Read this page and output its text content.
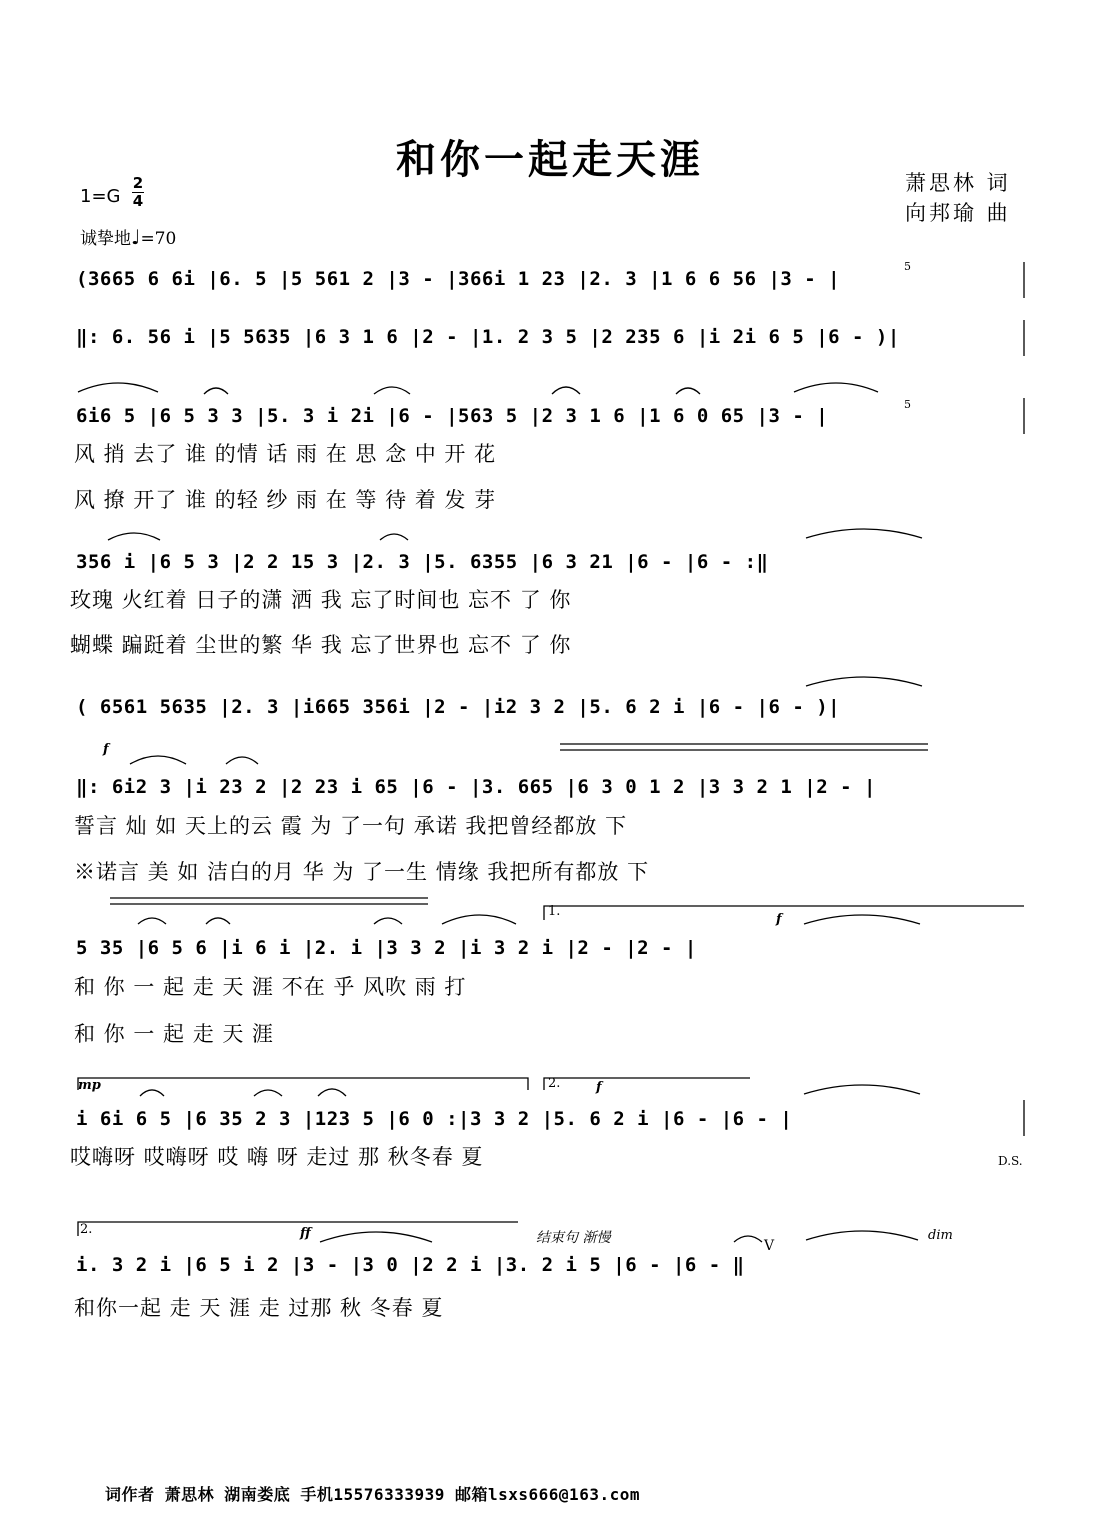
和你一起走天涯	萧思林 词
向邦瑜 曲
1=G
2
4
诚挚地♩=70
(3665 6 6i |6. 5 |5 561 2 |3 - |366i 1 23 |2. 3 |1 6 6 56 |3 - |
‖: 6. 56 i |5 5635 |6 3 1 6 |2 - |1. 2 3 5 |2 235 6 |i 2i 6 5 |6 - )|
6i6 5 |6 5 3 3 |5. 3 i 2i |6 - |563 5 |2 3 1 6 |1 6 0 65 |3 - |
风 捎 去了 谁 的情 话 雨 在 思 念 中 开 花
风 撩 开了 谁 的轻 纱 雨 在 等 待 着 发 芽
356 i |6 5 3 |2 2 15 3 |2. 3 |5. 6355 |6 3 21 |6 - |6 - :‖
玫瑰 火红着 日子的潇 洒 我 忘了时间也 忘不 了 你
蝴蝶 蹁跹着 尘世的繁 华 我 忘了世界也 忘不 了 你
( 6561 5635 |2. 3 |i665 356i |2 - |i2 3 2 |5. 6 2 i |6 - |6 - )|
f
‖: 6i2 3 |i 23 2 |2 23 i 65 |6 - |3. 665 |6 3 0 1 2 |3 3 2 1 |2 - |
誓言 灿 如 天上的云 霞 为 了一句 承诺 我把曾经都放 下
※诺言 美 如 洁白的月 华 为 了一生 情缘 我把所有都放 下
1.
f
5 35 |6 5 6 |i 6 i |2. i |3 3 2 |i 3 2 i |2 - |2 - |
和 你 一 起 走 天 涯 不在 乎 风吹 雨 打
和 你 一 起 走 天 涯
mp	2.	f
i 6i 6 5 |6 35 2 3 |123 5 |6 0 :|3 3 2 |5. 6 2 i |6 - |6 - |
哎嗨呀 哎嗨呀 哎 嗨 呀 走过 那 秋冬春 夏	D.S.
2.	ff	结束句 渐慢	dim
V
i. 3 2 i |6 5 i 2 |3 - |3 0 |2 2 i |3. 2 i 5 |6 - |6 - ‖
和你一起 走 天 涯 走 过那 秋 冬春 夏
5
5
词作者 萧思林 湖南娄底 手机15576333939 邮箱lsxs666@163.com
